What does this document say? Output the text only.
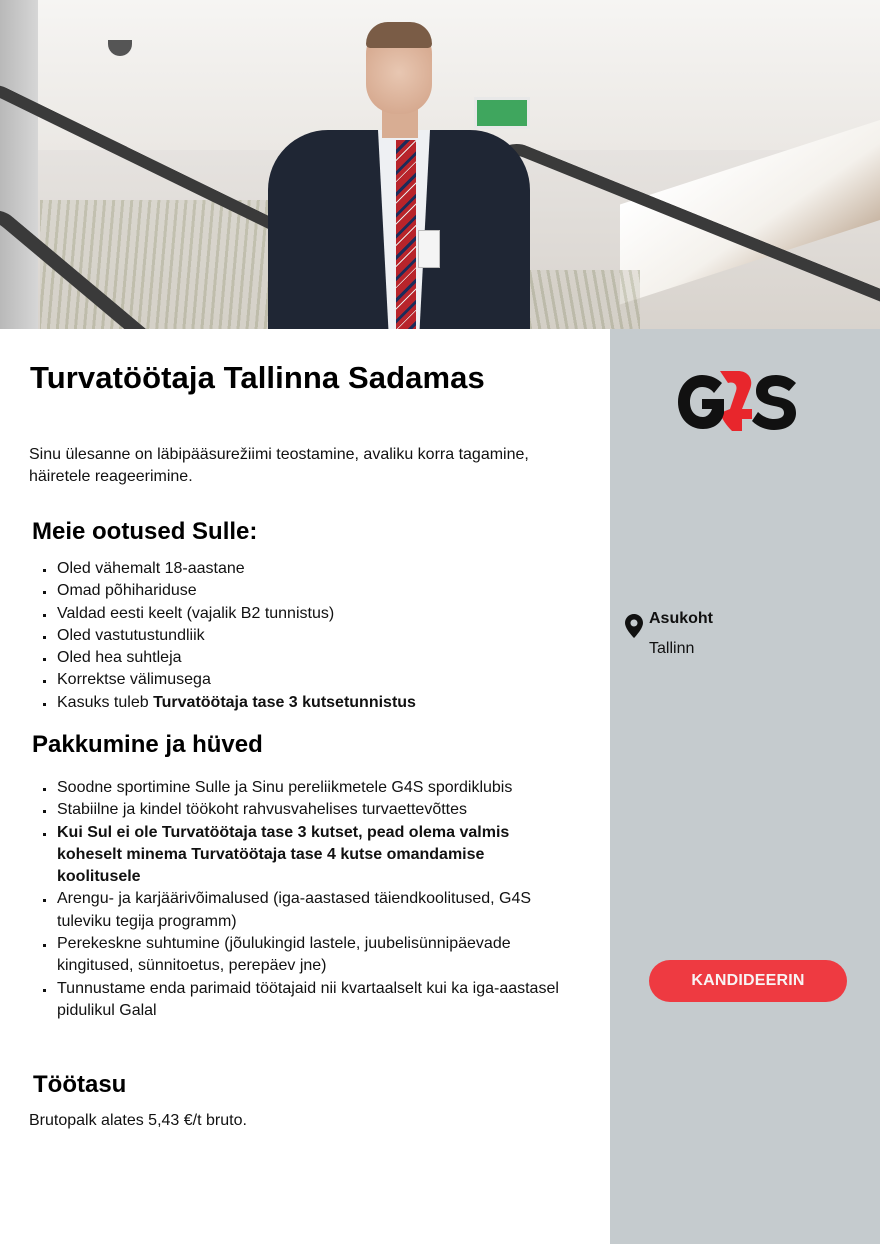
Turvatöötaja Tallinna Sadamas

Sinu ülesanne on läbipääsurežiimi teostamine, avaliku korra tagamine, häiretele reageerimine.

Meie ootused Sulle:
Oled vähemalt 18-aastane
Omad põhihariduse
Valdad eesti keelt (vajalik B2 tunnistus)
Oled vastutustundliik
Oled hea suhtleja
Korrektse välimusega
Kasuks tuleb Turvatöötaja tase 3 kutsetunnistus
Pakkumine ja hüved
Soodne sportimine Sulle ja Sinu pereliikmetele G4S spordiklubis
Stabiilne ja kindel töökoht rahvusvahelises turvaettevõttes
Kui Sul ei ole Turvatöötaja tase 3 kutset, pead olema valmis koheselt minema Turvatöötaja tase 4 kutse omandamise koolitusele
Arengu- ja karjäärivõimalused (iga-aastased täiendkoolitused, G4S tuleviku tegija programm)
Perekeskne suhtumine (jõulukingid lastele, juubelisünnipäevade kingitused, sünnitoetus, perepäev jne)
Tunnustame enda parimaid töötajaid nii kvartaalselt kui ka iga-aastasel pidulikul Galal
Töötasu

Brutopalk alates 5,43 €/t bruto.

Asukoht
Tallinn
KANDIDEERIN
